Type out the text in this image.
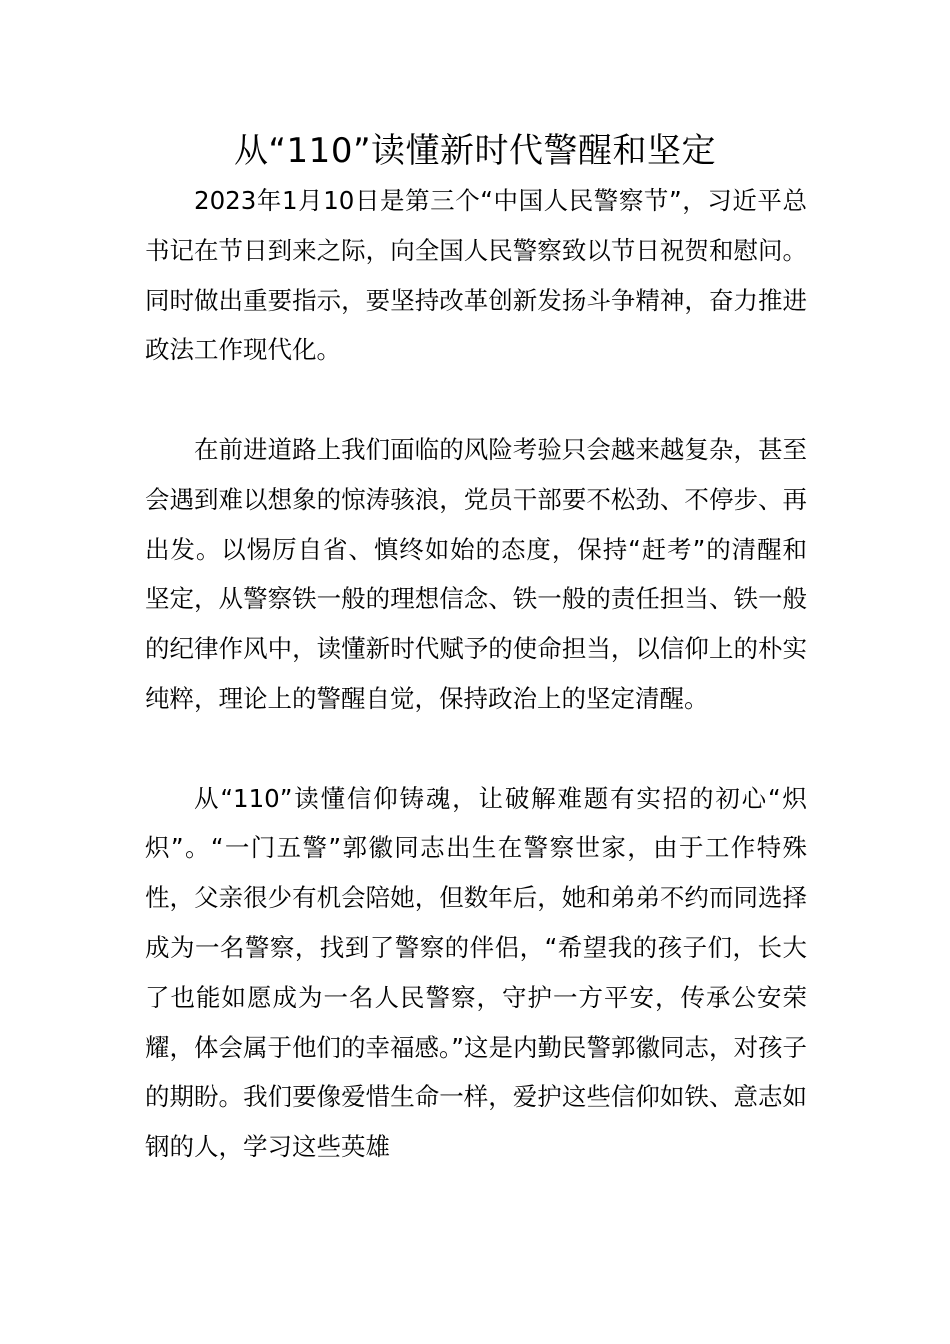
从“110”读懂新时代警醒和坚定

2023年1月10日是第三个“中国人民警察节”，习近平总书记在节日到来之际，向全国人民警察致以节日祝贺和慰问。同时做出重要指示，要坚持改革创新发扬斗争精神，奋力推进政法工作现代化。

在前进道路上我们面临的风险考验只会越来越复杂，甚至会遇到难以想象的惊涛骇浪，党员干部要不松劲、不停步、再出发。以惕厉自省、慎终如始的态度，保持“赶考”的清醒和坚定，从警察铁一般的理想信念、铁一般的责任担当、铁一般的纪律作风中，读懂新时代赋予的使命担当，以信仰上的朴实纯粹，理论上的警醒自觉，保持政治上的坚定清醒。

从“110”读懂信仰铸魂，让破解难题有实招的初心“炽炽”。“一门五警”郭徽同志出生在警察世家，由于工作特殊性，父亲很少有机会陪她，但数年后，她和弟弟不约而同选择成为一名警察，找到了警察的伴侣，“希望我的孩子们，长大了也能如愿成为一名人民警察，守护一方平安，传承公安荣耀，体会属于他们的幸福感。”这是内勤民警郭徽同志，对孩子的期盼。我们要像爱惜生命一样，爱护这些信仰如铁、意志如钢的人，学习这些英雄
